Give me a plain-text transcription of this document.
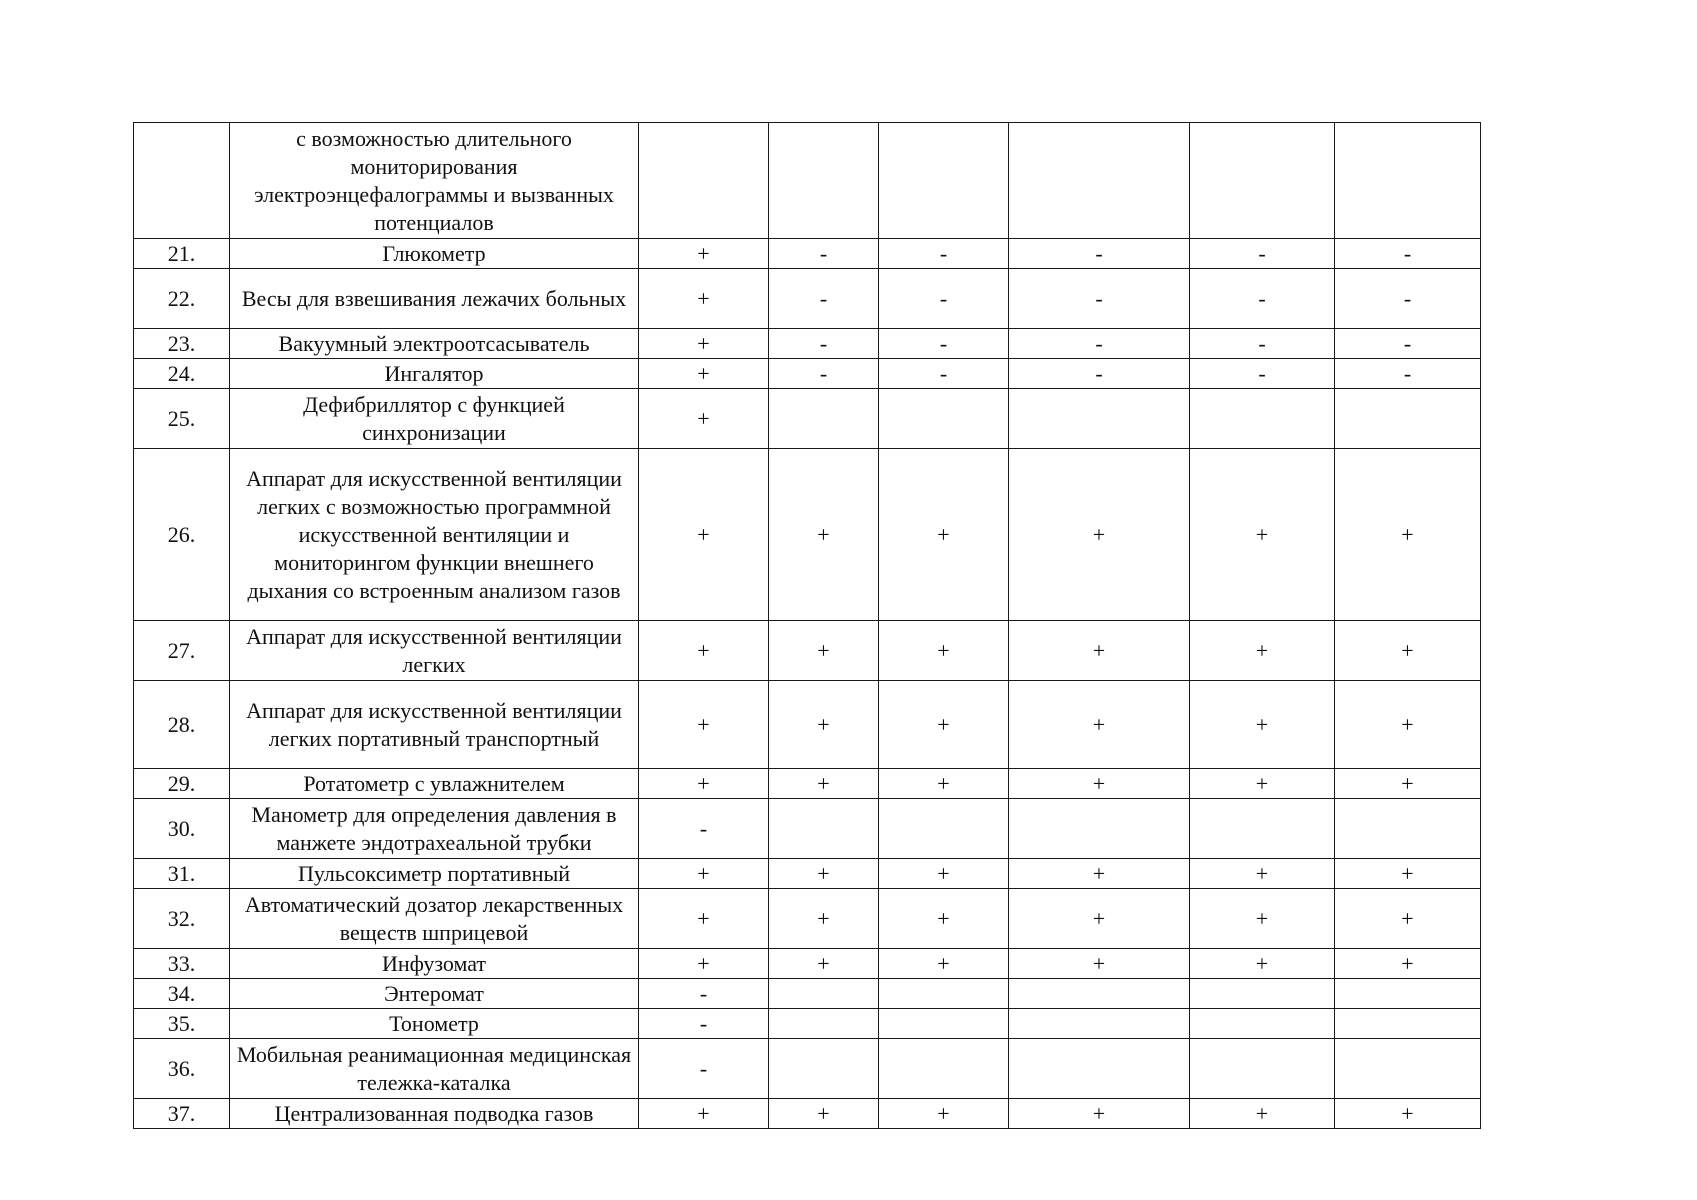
	с возможностью длительного мониторирования электроэнцефалограммы и вызванных потенциалов						
21.	Глюкометр	+	-	-	-	-	-
22.	Весы для взвешивания лежачих больных	+	-	-	-	-	-
23.	Вакуумный электроотсасыватель	+	-	-	-	-	-
24.	Ингалятор	+	-	-	-	-	-
25.	Дефибриллятор с функцией синхронизации	+					
26.	Аппарат для искусственной вентиляции легких с возможностью программной искусственной вентиляции и мониторингом функции внешнего дыхания со встроенным анализом газов	+	+	+	+	+	+
27.	Аппарат для искусственной вентиляции легких	+	+	+	+	+	+
28.	Аппарат для искусственной вентиляции легких портативный транспортный	+	+	+	+	+	+
29.	Ротатометр с увлажнителем	+	+	+	+	+	+
30.	Манометр для определения давления в манжете эндотрахеальной трубки	-					
31.	Пульсоксиметр портативный	+	+	+	+	+	+
32.	Автоматический дозатор лекарственных веществ шприцевой	+	+	+	+	+	+
33.	Инфузомат	+	+	+	+	+	+
34.	Энтеромат	-					
35.	Тонометр	-					
36.	Мобильная реанимационная медицинская тележка-каталка	-					
37.	Централизованная подводка газов	+	+	+	+	+	+
